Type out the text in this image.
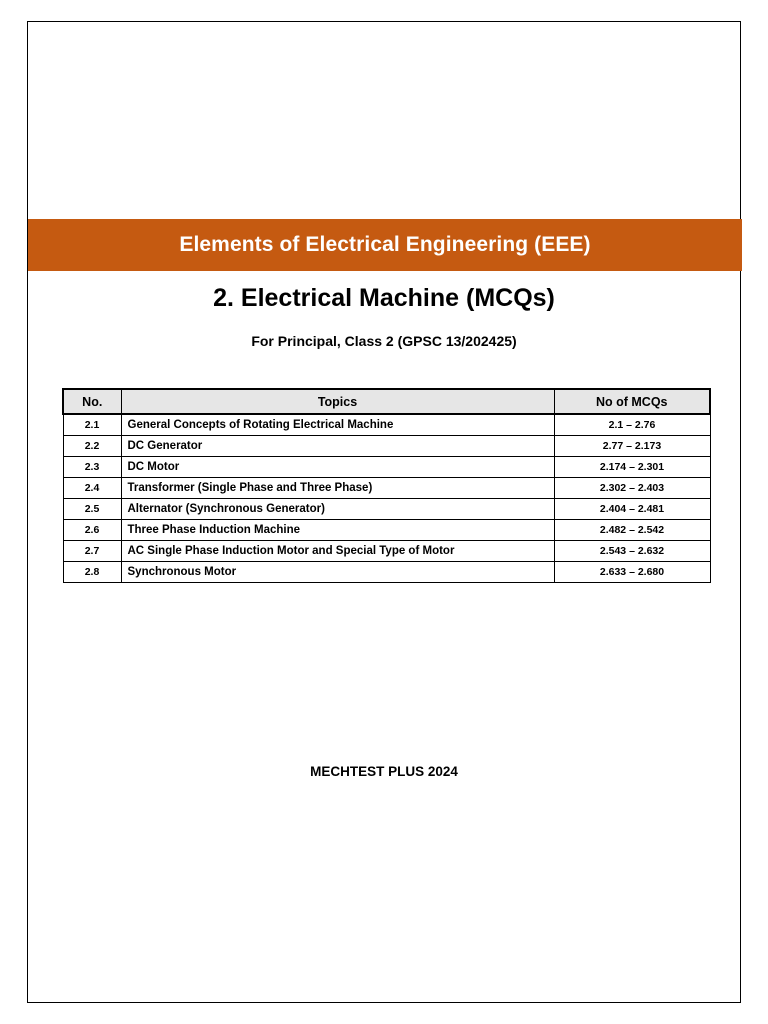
Elements of Electrical Engineering (EEE)
2. Electrical Machine (MCQs)
For Principal, Class 2 (GPSC 13/202425)
No.	Topics	No of MCQs
2.1	General Concepts of Rotating Electrical Machine	2.1 – 2.76
2.2	DC Generator	2.77 – 2.173
2.3	DC Motor	2.174 – 2.301
2.4	Transformer (Single Phase and Three Phase)	2.302 – 2.403
2.5	Alternator (Synchronous Generator)	2.404 – 2.481
2.6	Three Phase Induction Machine	2.482 – 2.542
2.7	AC Single Phase Induction Motor and Special Type of Motor	2.543 – 2.632
2.8	Synchronous Motor	2.633 – 2.680
MECHTEST PLUS 2024
